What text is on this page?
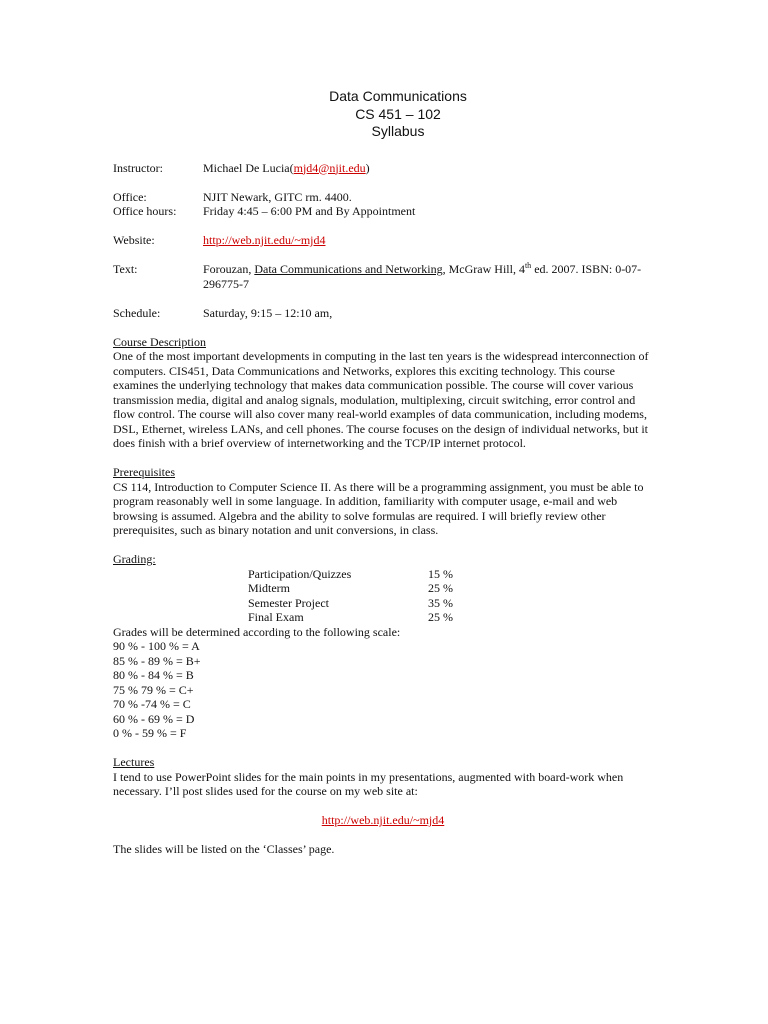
Data Communications
CS 451 – 102
Syllabus
Instructor:	Michael De Lucia(mjd4@njit.edu)
Office:	NJIT Newark, GITC rm. 4400.
Office hours:	Friday 4:45 – 6:00 PM and By Appointment
Website:	http://web.njit.edu/~mjd4
Text:	Forouzan, Data Communications and Networking, McGraw Hill, 4th ed. 2007. ISBN: 0-07-296775-7
Schedule:	Saturday, 9:15 – 12:10 am,
Course Description

One of the most important developments in computing in the last ten years is the widespread interconnection of computers. CIS451, Data Communications and Networks, explores this exciting technology. This course examines the underlying technology that makes data communication possible. The course will cover various transmission media, digital and analog signals, modulation, multiplexing, circuit switching, error control and flow control. The course will also cover many real-world examples of data communication, including modems, DSL, Ethernet, wireless LANs, and cell phones. The course focuses on the design of individual networks, but it does finish with a brief overview of internetworking and the TCP/IP internet protocol.

Prerequisites

CS 114, Introduction to Computer Science II. As there will be a programming assignment, you must be able to program reasonably well in some language. In addition, familiarity with computer usage, e-mail and web browsing is assumed. Algebra and the ability to solve formulas are required. I will briefly review other prerequisites, such as binary notation and unit conversions, in class.

Grading:
Participation/Quizzes	15 %
Midterm	25 %
Semester Project	35 %
Final Exam	25 %
Grades will be determined according to the following scale:
90 % - 100 % = A
85 % - 89 % = B+
80 % - 84 % = B
75 % 79 % = C+
70 % -74 % = C
60 % - 69 % = D
0 % - 59 % = F
Lectures

I tend to use PowerPoint slides for the main points in my presentations, augmented with board-work when necessary. I’ll post slides used for the course on my web site at:

http://web.njit.edu/~mjd4

The slides will be listed on the ‘Classes’ page.
